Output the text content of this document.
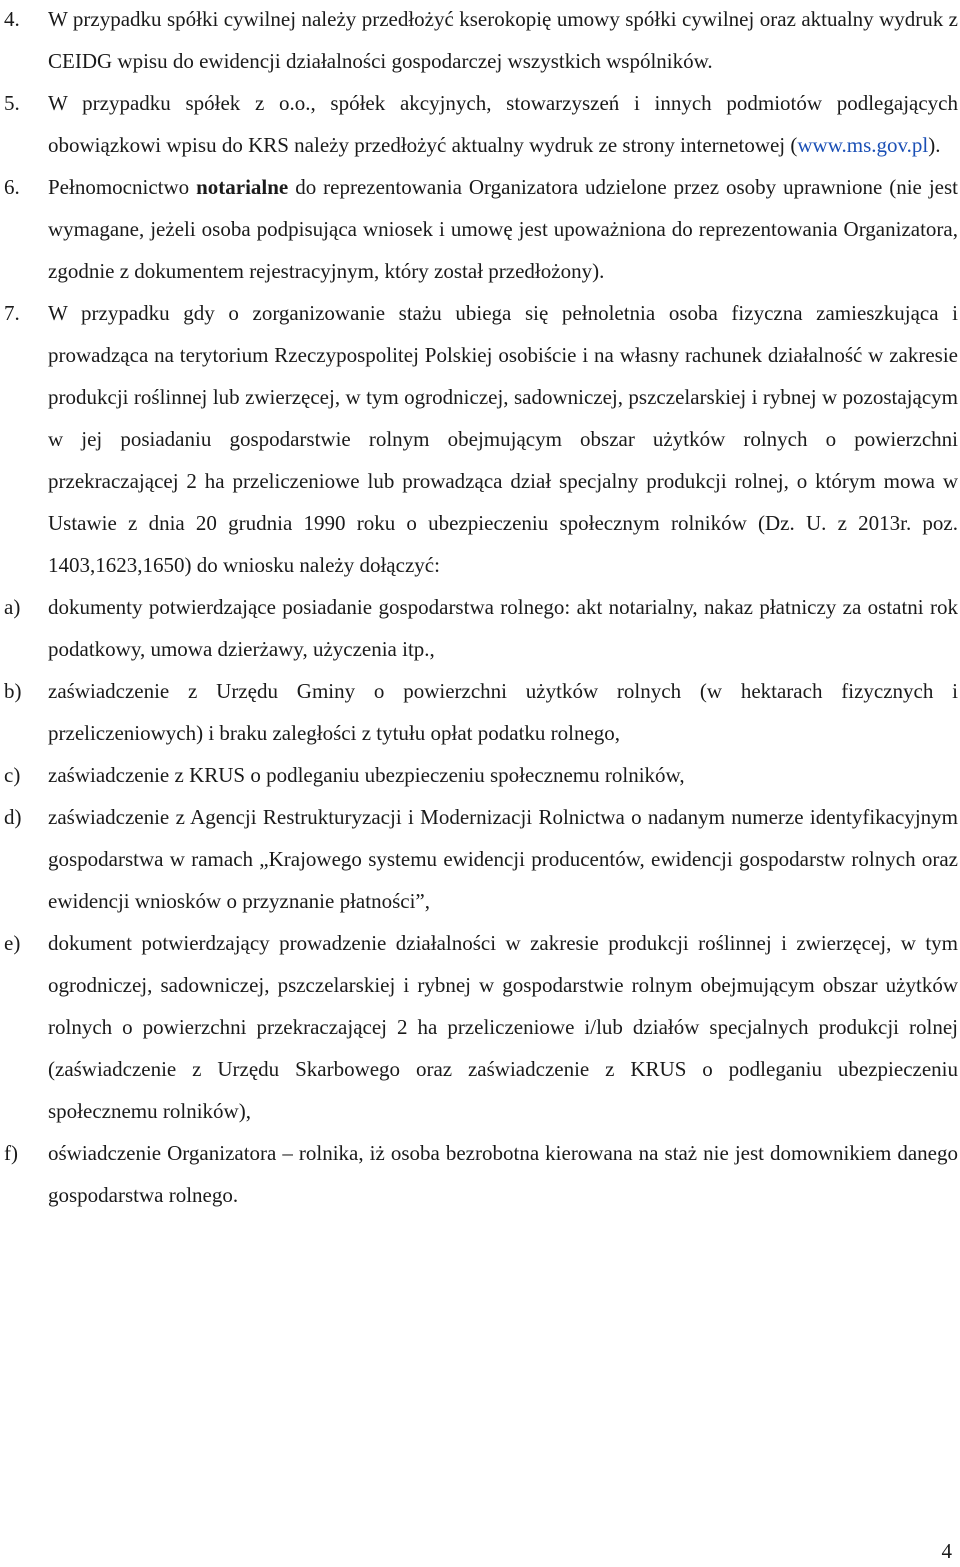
4.	W przypadku spółki cywilnej należy przedłożyć kserokopię umowy spółki cywilnej oraz aktualny wydruk z CEIDG wpisu do ewidencji działalności gospodarczej wszystkich wspólników.
5.	W przypadku spółek z o.o., spółek akcyjnych, stowarzyszeń i innych podmiotów podlegających obowiązkowi wpisu do KRS należy przedłożyć aktualny wydruk ze strony internetowej (www.ms.gov.pl).
6.	Pełnomocnictwo notarialne do reprezentowania Organizatora udzielone przez osoby uprawnione (nie jest wymagane, jeżeli osoba podpisująca wniosek i umowę jest upoważniona do reprezentowania Organizatora, zgodnie z dokumentem rejestracyjnym, który został przedłożony).
7.	W przypadku gdy o zorganizowanie stażu ubiega się pełnoletnia osoba fizyczna zamieszkująca i prowadząca na terytorium Rzeczypospolitej Polskiej osobiście i na własny rachunek działalność w zakresie produkcji roślinnej lub zwierzęcej, w tym ogrodniczej, sadowniczej, pszczelarskiej i rybnej w pozostającym w jej posiadaniu gospodarstwie rolnym obejmującym obszar użytków rolnych o powierzchni przekraczającej 2 ha przeliczeniowe lub prowadząca dział specjalny produkcji rolnej, o którym mowa w Ustawie z dnia 20 grudnia 1990 roku o ubezpieczeniu społecznym rolników (Dz. U. z 2013r. poz. 1403,1623,1650) do wniosku należy dołączyć:
a)	dokumenty potwierdzające posiadanie gospodarstwa rolnego: akt notarialny, nakaz płatniczy za ostatni rok podatkowy, umowa dzierżawy, użyczenia itp.,
b)	zaświadczenie z Urzędu Gminy o powierzchni użytków rolnych (w hektarach fizycznych i przeliczeniowych) i braku zaległości z tytułu opłat podatku rolnego,
c)	zaświadczenie z KRUS o podleganiu ubezpieczeniu społecznemu rolników,
d)	zaświadczenie z Agencji Restrukturyzacji i Modernizacji Rolnictwa o nadanym numerze identyfikacyjnym gospodarstwa w ramach „Krajowego systemu ewidencji producentów, ewidencji gospodarstw rolnych oraz ewidencji wniosków o przyznanie płatności”,
e)	dokument potwierdzający prowadzenie działalności w zakresie produkcji roślinnej i zwierzęcej, w tym ogrodniczej, sadowniczej, pszczelarskiej i rybnej w gospodarstwie rolnym obejmującym obszar użytków rolnych o powierzchni przekraczającej 2 ha przeliczeniowe i/lub działów specjalnych produkcji rolnej (zaświadczenie z Urzędu Skarbowego oraz zaświadczenie z KRUS o podleganiu ubezpieczeniu społecznemu rolników),
f)	oświadczenie Organizatora – rolnika, iż osoba bezrobotna kierowana na staż nie jest domownikiem danego gospodarstwa rolnego.
4
